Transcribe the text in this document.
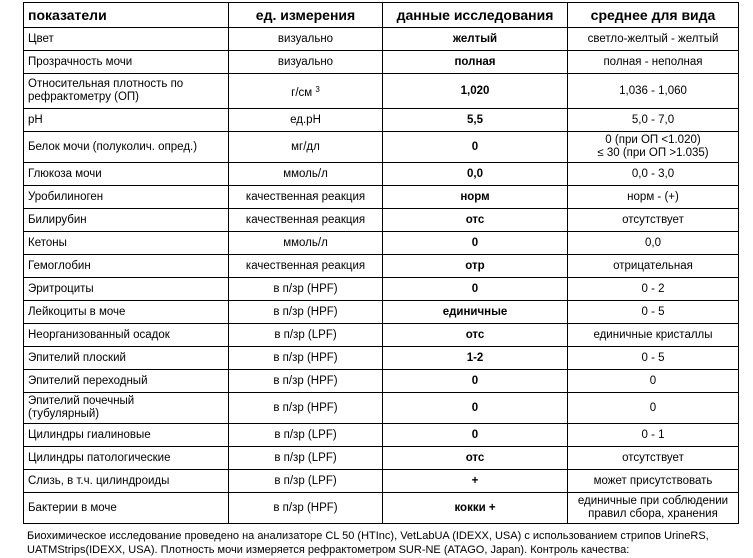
показатели	ед. измерения	данные исследования	среднее для вида
Цвет	визуально	желтый	светло-желтый - желтый
Прозрачность мочи	визуально	полная	полная - неполная

Относительная плотность по
рефрактометру (ОП)	г/см $^3$	1,020	1,036 - 1,060
pH	ед.pH	5,5	5,0 - 7,0
Белок мочи (полуколич. опред.)	мг/дл	0	0 (при ОП <1.020)
≤ 30 (при ОП >1.035)

Глюкоза мочи	ммоль/л	0,0	0,0 - 3,0
Уробилиноген	качественная реакция	норм	норм - (+)
Билирубин	качественная реакция	отс	отсутствует
Кетоны	ммоль/л	0	0,0
Гемоглобин	качественная реакция	отр	отрицательная
Эритроциты	в п/зр (HPF)	0	0 - 2
Лейкоциты в моче	в п/зр (HPF)	единичные	0 - 5
Неорганизованный осадок	в п/зр (LPF)	отс	единичные кристаллы
Эпителий плоский	в п/зр (HPF)	1-2	0 - 5
Эпителий переходный	в п/зр (HPF)	0	0

Эпителий почечный
(тубулярный)	в п/зр (HPF)	0	0
Цилиндры гиалиновые	в п/зр (LPF)	0	0 - 1
Цилиндры патологические	в п/зр (LPF)	отс	отсутствует
Слизь, в т.ч. цилиндроиды	в п/зр (LPF)	+	может присутствовать
Бактерии в моче	в п/зр (HPF)	кокки +	единичные при соблюдении
правил сбора, хранения
Биохимическое исследование проведено на анализаторе CL 50 (HTInc), VetLabUA (IDEXX, USA) с использованием стрипов UrineRS,
UATMStrips(IDEXX, USA). Плотность мочи измеряется рефрактометром SUR-NE (ATAGO, Japan). Контроль качества:
